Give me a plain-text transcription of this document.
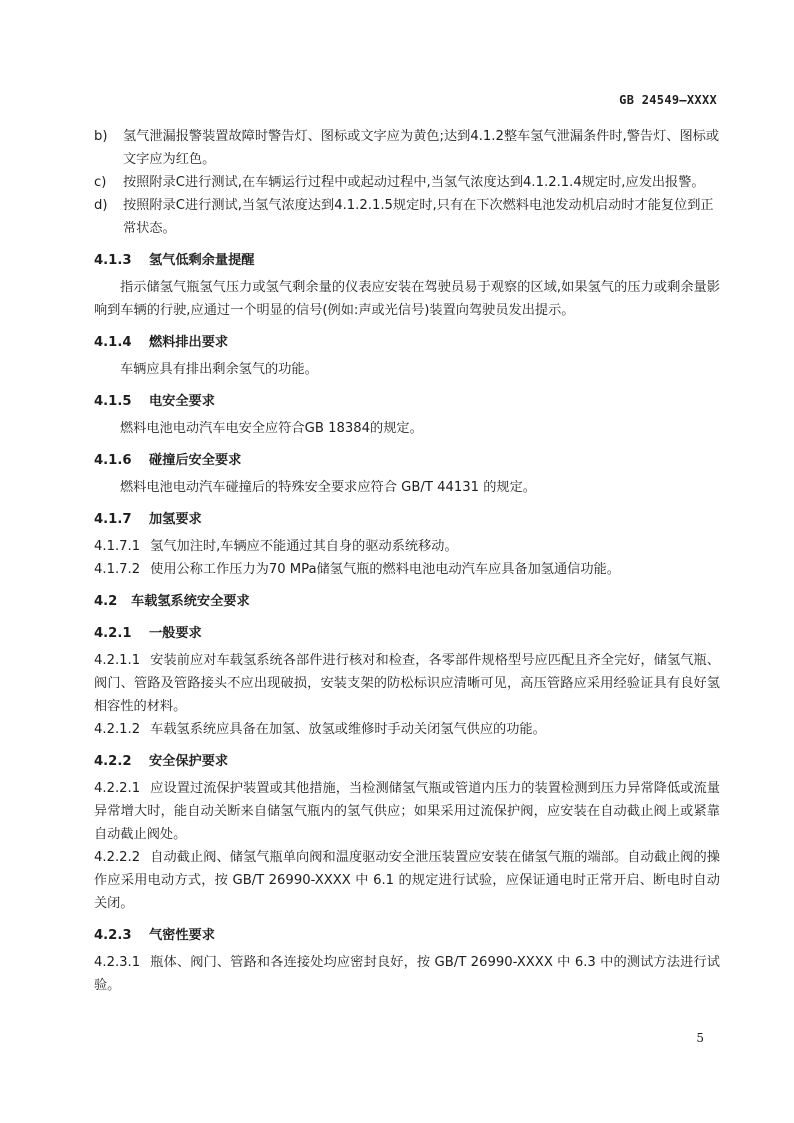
GB 24549—XXXX
b)	氢气泄漏报警装置故障时警告灯、图标或文字应为黄色;达到4.1.2整车氢气泄漏条件时,警告灯、图标或文字应为红色。
c)	按照附录C进行测试,在车辆运行过程中或起动过程中,当氢气浓度达到4.1.2.1.4规定时,应发出报警。
d)	按照附录C进行测试,当氢气浓度达到4.1.2.1.5规定时,只有在下次燃料电池发动机启动时才能复位到正常状态。
4.1.3 氢气低剩余量提醒

指示储氢气瓶氢气压力或氢气剩余量的仪表应安装在驾驶员易于观察的区域,如果氢气的压力或剩余量影响到车辆的行驶,应通过一个明显的信号(例如:声或光信号)装置向驾驶员发出提示。

4.1.4 燃料排出要求

车辆应具有排出剩余氢气的功能。

4.1.5 电安全要求

燃料电池电动汽车电安全应符合GB 18384的规定。

4.1.6 碰撞后安全要求

燃料电池电动汽车碰撞后的特殊安全要求应符合 GB/T 44131 的规定。

4.1.7 加氢要求

4.1.7.1 氢气加注时,车辆应不能通过其自身的驱动系统移动。

4.1.7.2 使用公称工作压力为70 MPa储氢气瓶的燃料电池电动汽车应具备加氢通信功能。

4.2 车载氢系统安全要求
4.2.1 一般要求

4.2.1.1 安装前应对车载氢系统各部件进行核对和检查，各零部件规格型号应匹配且齐全完好，储氢气瓶、阀门、管路及管路接头不应出现破损，安装支架的防松标识应清晰可见，高压管路应采用经验证具有良好氢相容性的材料。

4.2.1.2 车载氢系统应具备在加氢、放氢或维修时手动关闭氢气供应的功能。

4.2.2 安全保护要求

4.2.2.1 应设置过流保护装置或其他措施，当检测储氢气瓶或管道内压力的装置检测到压力异常降低或流量异常增大时，能自动关断来自储氢气瓶内的氢气供应；如果采用过流保护阀，应安装在自动截止阀上或紧靠自动截止阀处。

4.2.2.2 自动截止阀、储氢气瓶单向阀和温度驱动安全泄压装置应安装在储氢气瓶的端部。自动截止阀的操作应采用电动方式，按 GB/T 26990-XXXX 中 6.1 的规定进行试验，应保证通电时正常开启、断电时自动关闭。

4.2.3 气密性要求

4.2.3.1 瓶体、阀门、管路和各连接处均应密封良好，按 GB/T 26990-XXXX 中 6.3 中的测试方法进行试验。

5
